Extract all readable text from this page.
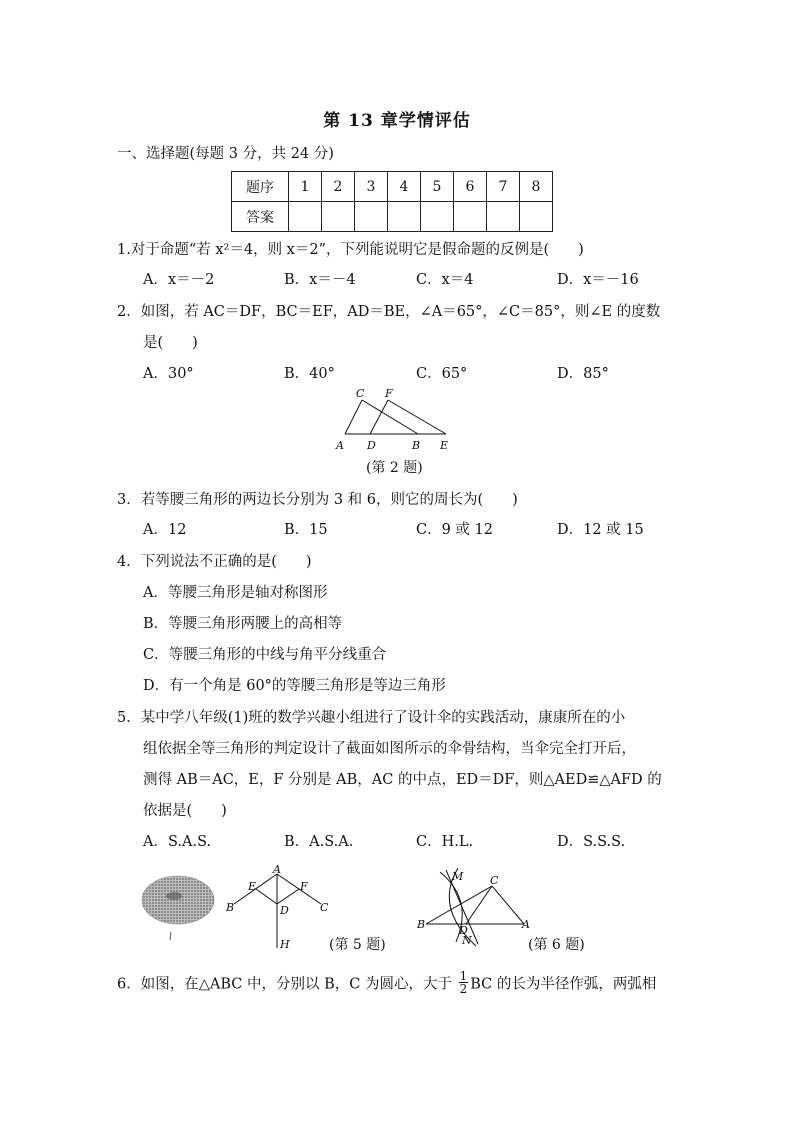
第 13 章学情评估
一、选择题(每题 3 分，共 24 分)
题序	1	2	3	4	5	6	7	8
答案								
1.对于命题“若 x²＝4，则 x＝2”，下列能说明它是假命题的反例是(　　)
A．x＝－2	B．x＝－4	C．x＝4	D．x＝－16
2．如图，若 AC＝DF，BC＝EF，AD＝BE，∠A＝65°，∠C＝85°，则∠E 的度数
是(　　)
A．30°	B．40°	C．65°	D．85°
C F
A D	B E
(第 2 题)
3．若等腰三角形的两边长分别为 3 和 6，则它的周长为(　　)
A．12	B．15	C．9 或 12	D．12 或 15
4．下列说法不正确的是(　　)
A．等腰三角形是轴对称图形
B．等腰三角形两腰上的高相等
C．等腰三角形的中线与角平分线重合
D．有一个角是 60°的等腰三角形是等边三角形
5．某中学八年级(1)班的数学兴趣小组进行了设计伞的实践活动，康康所在的小
组依据全等三角形的判定设计了截面如图所示的伞骨结构，当伞完全打开后，
测得 AB＝AC，E，F 分别是 AB，AC 的中点，ED＝DF，则△AED≌△AFD 的
依据是(　　)
A．S.A.S.	B．A.S.A.	C．H.L.	D．S.S.S.
A
E	F
B	D	C
H	(第 5 题)
M C
B	D
N
A
(第 6 题)
6．如图，在△ABC 中，分别以 B，C 为圆心，大于 $\frac{1}{2}$ BC 的长为半径作弧，两弧相
